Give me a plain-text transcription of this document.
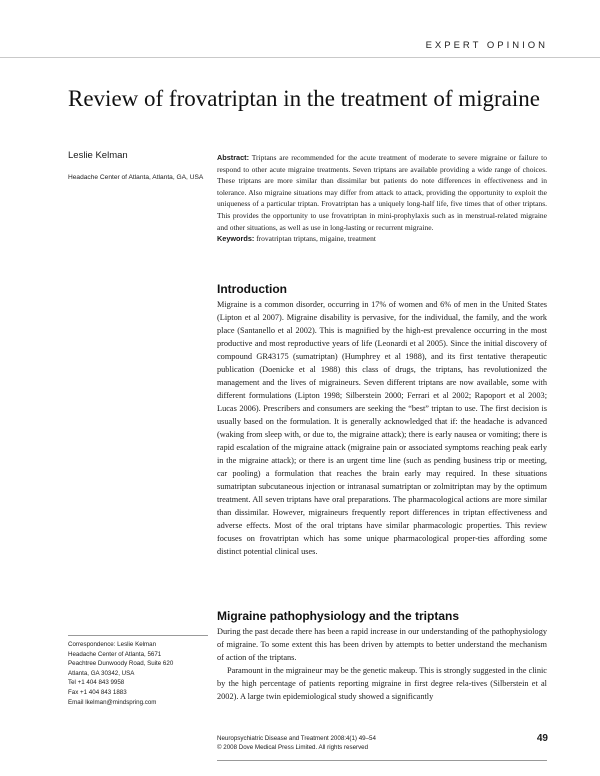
EXPERT OPINION
Review of frovatriptan in the treatment of migraine
Leslie Kelman
Headache Center of Atlanta, Atlanta, GA, USA

Abstract: Triptans are recommended for the acute treatment of moderate to severe migraine or failure to respond to other acute migraine treatments. Seven triptans are available providing a wide range of choices. These triptans are more similar than dissimilar but patients do note differences in effectiveness and in tolerance. Also migraine situations may differ from attack to attack, providing the opportunity to exploit the uniqueness of a particular triptan. Frovatriptan has a uniquely long-half life, five times that of other triptans. This provides the opportunity to use frovatriptan in mini-prophylaxis such as in menstrual-related migraine and other situations, as well as use in long-lasting or recurrent migraine.

Keywords: frovatriptan triptans, migaine, treatment

Introduction

Migraine is a common disorder, occurring in 17% of women and 6% of men in the United States (Lipton et al 2007). Migraine disability is pervasive, for the individual, the family, and the work place (Santanello et al 2002). This is magnified by the high-est prevalence occurring in the most productive and most reproductive years of life (Leonardi et al 2005). Since the initial discovery of compound GR43175 (sumatriptan) (Humphrey et al 1988), and its first tentative therapeutic publication (Doenicke et al 1988) this class of drugs, the triptans, has revolutionized the management and the lives of migraineurs. Seven different triptans are now available, some with different formulations (Lipton 1998; Silberstein 2000; Ferrari et al 2002; Rapoport et al 2003; Lucas 2006). Prescribers and consumers are seeking the “best” triptan to use. The first decision is usually based on the formulation. It is generally acknowledged that if: the headache is advanced (waking from sleep with, or due to, the migraine attack); there is early nausea or vomiting; there is rapid escalation of the migraine attack (migraine pain or associated symptoms reaching peak early in the migraine attack); or there is an urgent time line (such as pending business trip or meeting, car pooling) a formulation that reaches the brain early may required. In these situations sumatriptan subcutaneous injection or intranasal sumatriptan or zolmitriptan may by the optimum treatment. All seven triptans have oral preparations. The pharmacological actions are more similar than dissimilar. However, migraineurs frequently report differences in triptan effectiveness and adverse effects. Most of the oral triptans have similar pharmacologic properties. This review focuses on frovatriptan which has some unique pharmacological proper-ties affording some distinct potential clinical uses.

Migraine pathophysiology and the triptans

During the past decade there has been a rapid increase in our understanding of the pathophysiology of migraine. To some extent this has been driven by attempts to better understand the mechanism of action of the triptans.

Paramount in the migraineur may be the genetic makeup. This is strongly suggested in the clinic by the high percentage of patients reporting migraine in first degree rela-tives (Silberstein et al 2002). A large twin epidemiological study showed a significantly

Correspondence: Leslie Kelman
Headache Center of Atlanta, 5671
Peachtree Dunwoody Road, Suite 620
Atlanta, GA 30342, USA
Tel +1 404 843 9958
Fax +1 404 843 1883
Email lkelman@mindspring.com
Neuropsychiatric Disease and Treatment 2008:4(1) 49–54
© 2008 Dove Medical Press Limited. All rights reserved
49
